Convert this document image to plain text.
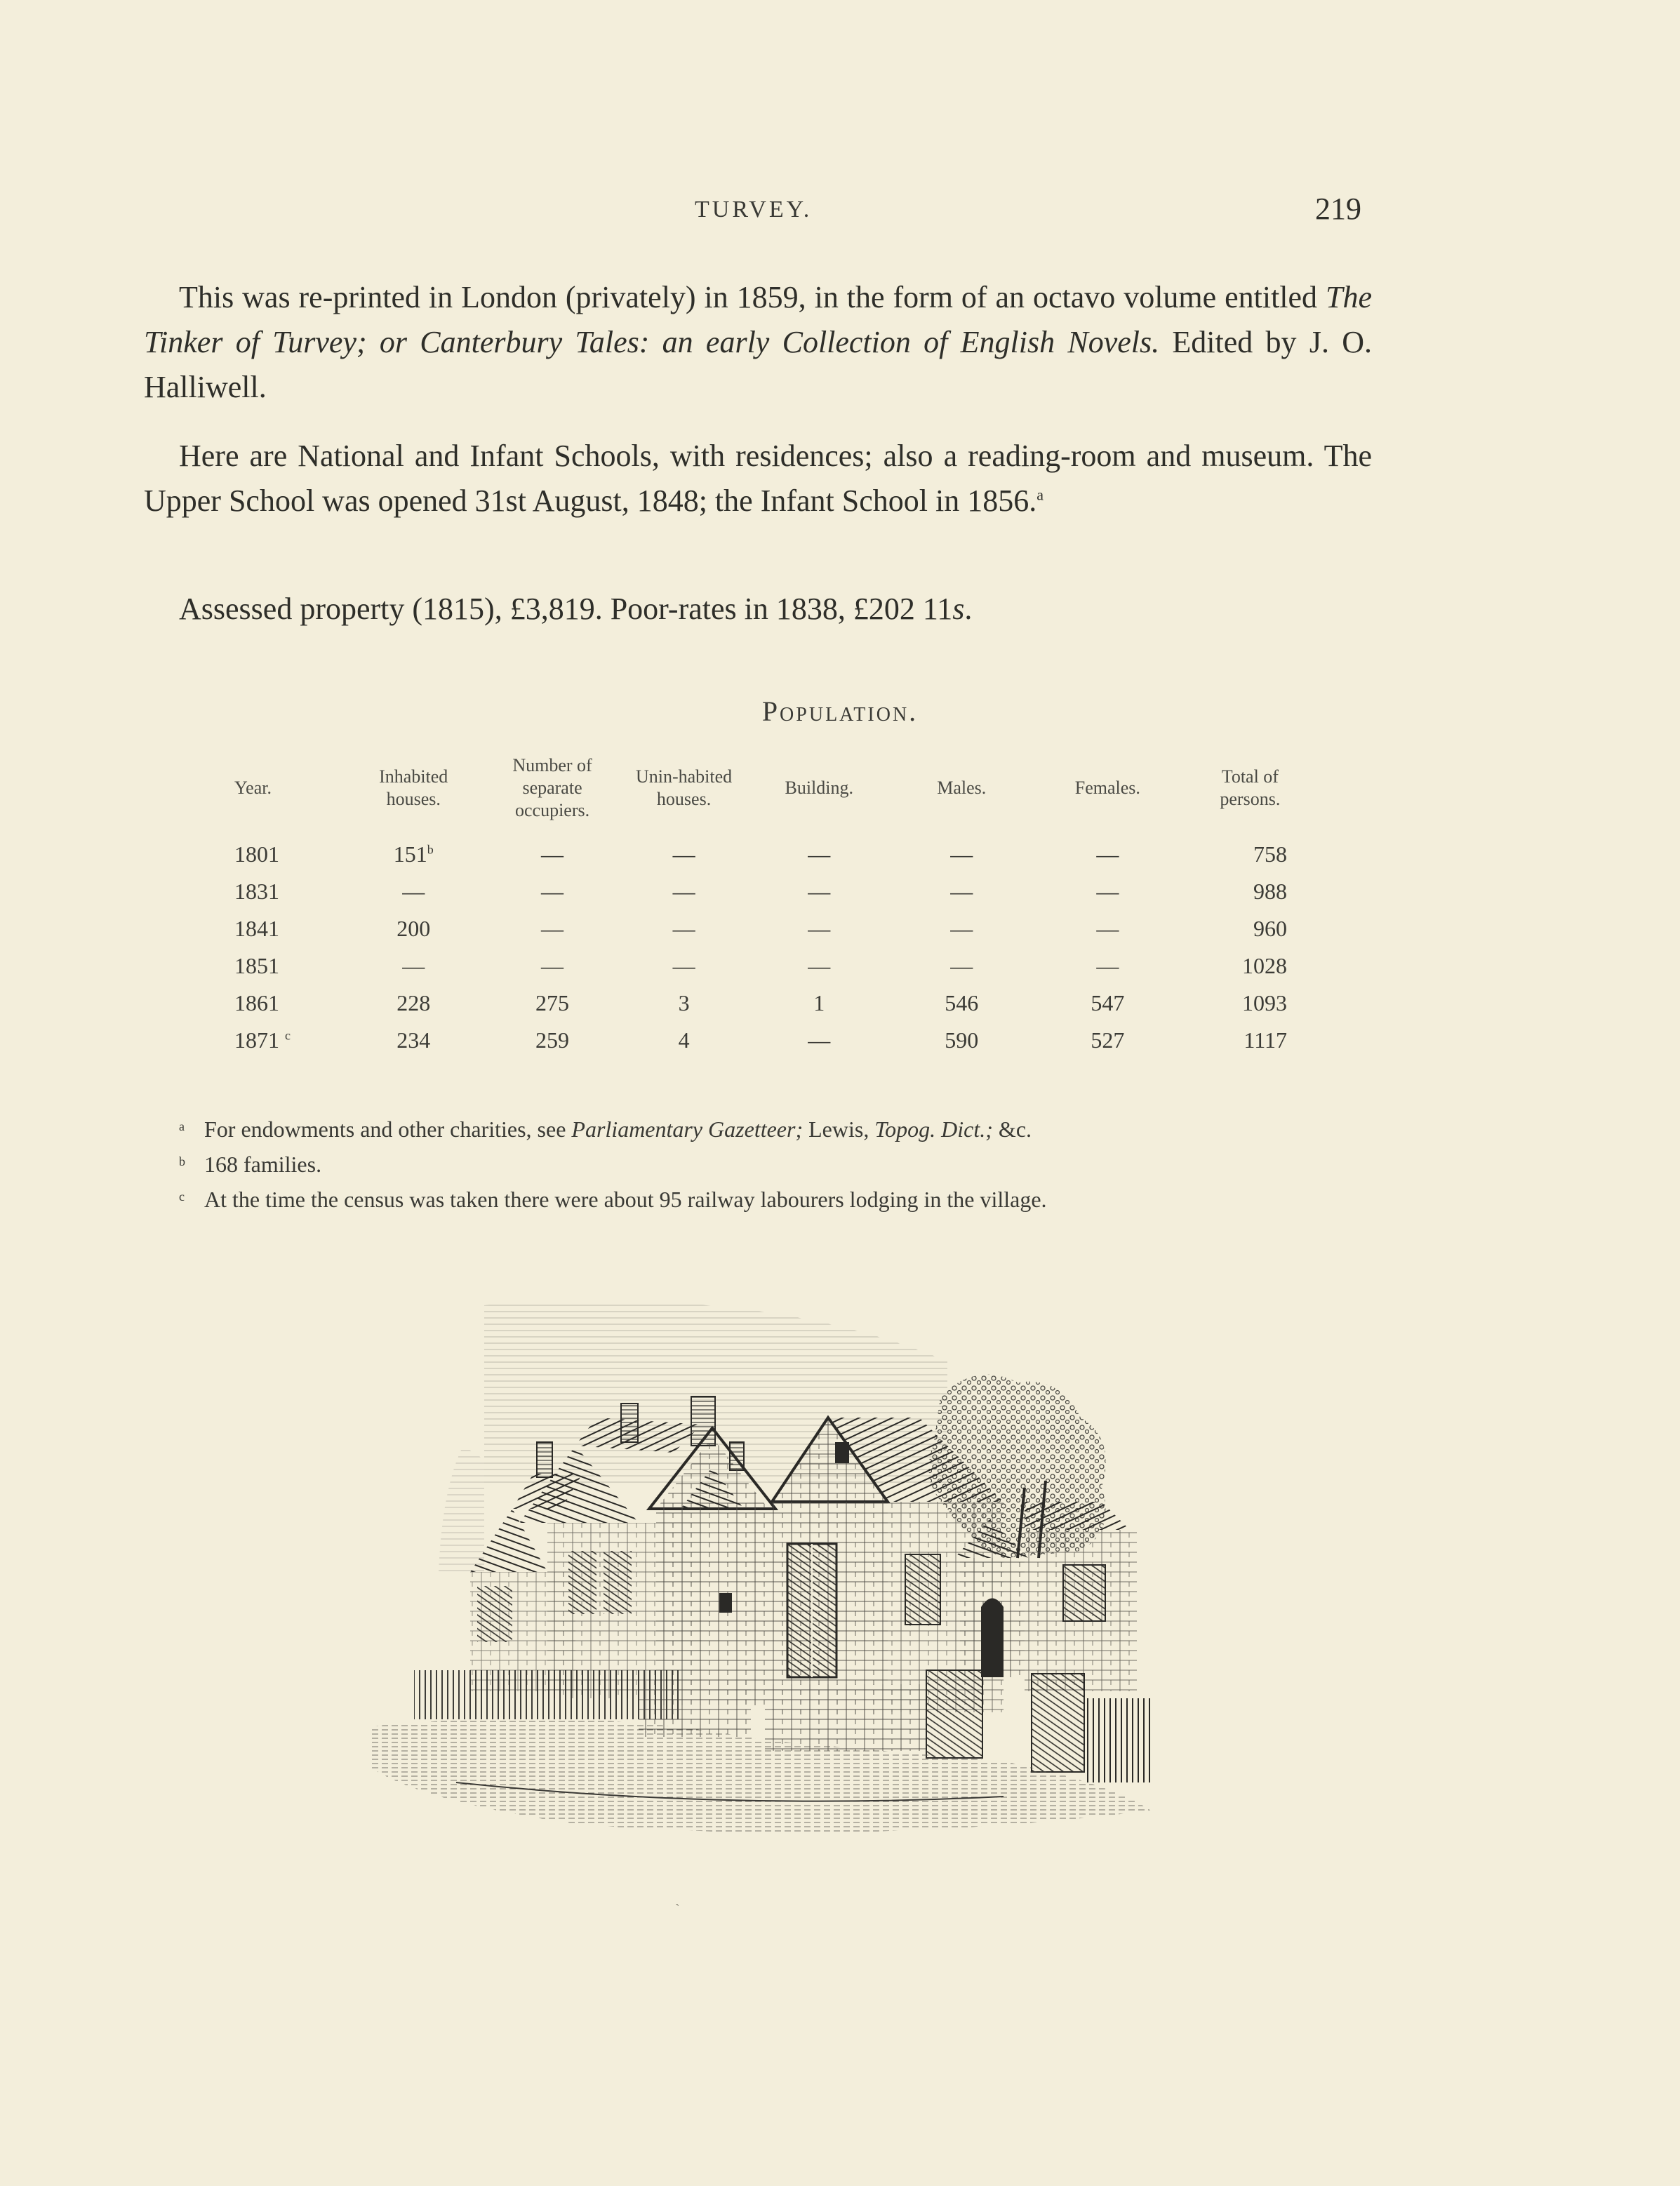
TURVEY.	219
This was re-printed in London (privately) in 1859, in the form of an octavo volume entitled The Tinker of Turvey; or Canterbury Tales: an early Collection of English Novels. Edited by J. O. Halliwell.
Here are National and Infant Schools, with residences; also a reading-room and museum. The Upper School was opened 31st August, 1848; the Infant School in 1856.$^a$
Assessed property (1815), £3,819. Poor-rates in 1838, £202 11s.
Population.
Year.	Inhabited houses.	Number of separate occupiers.	Unin-habited houses.	Building.	Males.	Females.	Total of persons.
1801	151$^b$	—	—	—	—	—	758
1831	—	—	—	—	—	—	988
1841	200	—	—	—	—	—	960
1851	—	—	—	—	—	—	1028
1861	228	275	3	1	546	547	1093
1871 $^c$	234	259	4	—	590	527	1117
a For endowments and other charities, see Parliamentary Gazetteer; Lewis, Topog. Dict.; &c.
b 168 families.
c At the time the census was taken there were about 95 railway labourers lodging in the village.
ˋ
